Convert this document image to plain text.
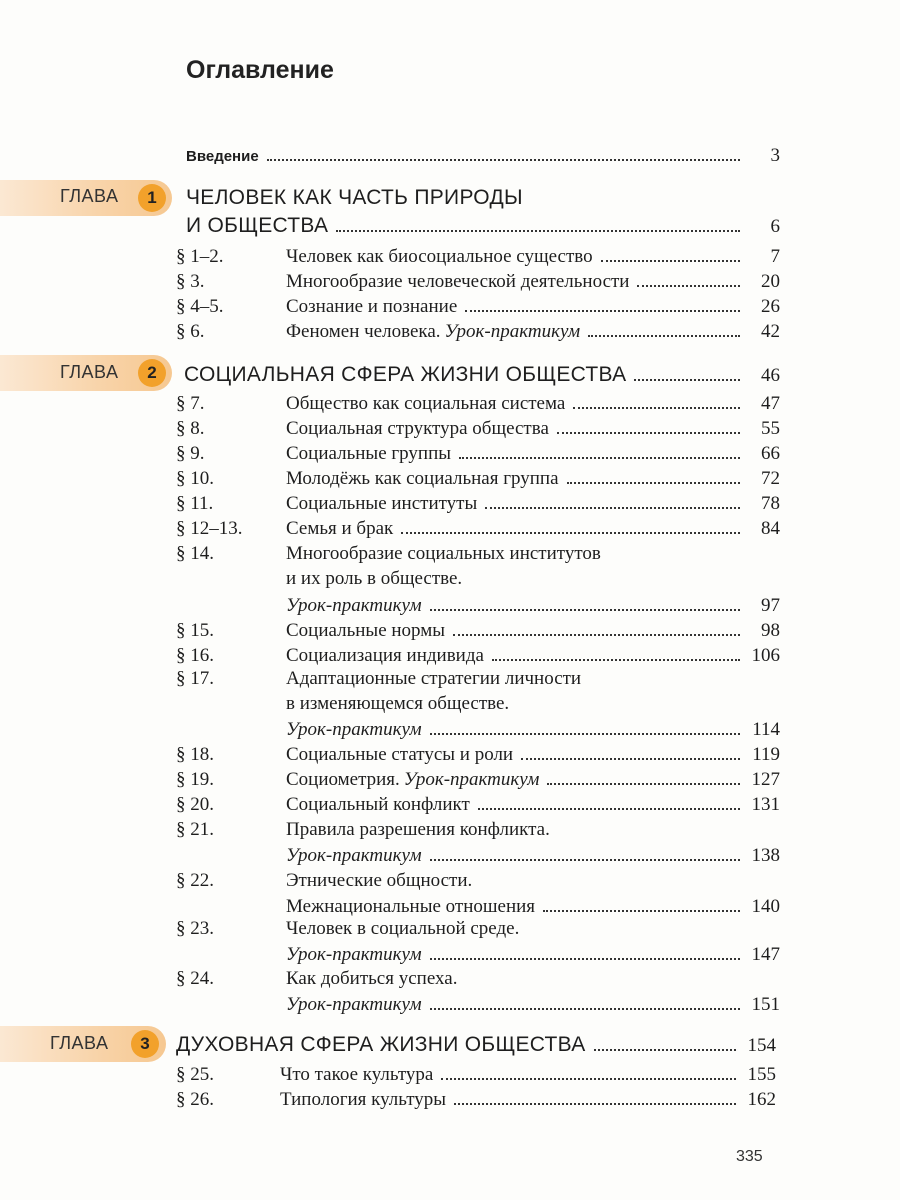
Оглавление
Введение	3
ГЛАВА	1	ЧЕЛОВЕК КАК ЧАСТЬ ПРИРОДЫ
И ОБЩЕСТВА	6
§ 1–2.	Человек как биосоциальное существо	7
§ 3.	Многообразие человеческой деятельности	20
§ 4–5.	Сознание и познание	26
§ 6.	Феномен человека.
Урок-практикум	42
ГЛАВА	2	СОЦИАЛЬНАЯ СФЕРА ЖИЗНИ ОБЩЕСТВА	46
§ 7.	Общество как социальная система	47
§ 8.	Социальная структура общества	55
§ 9.	Социальные группы	66
§ 10.	Молодёжь как социальная группа	72
§ 11.	Социальные институты	78
§ 12–13. Семья и брак	84
§ 14.	Многообразие социальных институтов
и их роль в обществе.
Урок-практикум	97
§ 15.	Социальные нормы	98
§ 16.	Социализация индивида	106
§ 17.	Адаптационные стратегии личности
в изменяющемся обществе.
Урок-практикум	114
§ 18.	Социальные статусы и роли	119
§ 19.	Социометрия.
Урок-практикум	127
§ 20.	Социальный конфликт	131
§ 21.	Правила разрешения конфликта.
Урок-практикум	138
§ 22.	Этнические общности.
Межнациональные отношения	140
§ 23.	Человек в социальной среде.
Урок-практикум	147
§ 24.	Как добиться успеха.
Урок-практикум	151
ГЛАВА	3	ДУХОВНАЯ СФЕРА ЖИЗНИ ОБЩЕСТВА	154
§ 25.	Что такое культура	155
§ 26.	Типология культуры	162
335
